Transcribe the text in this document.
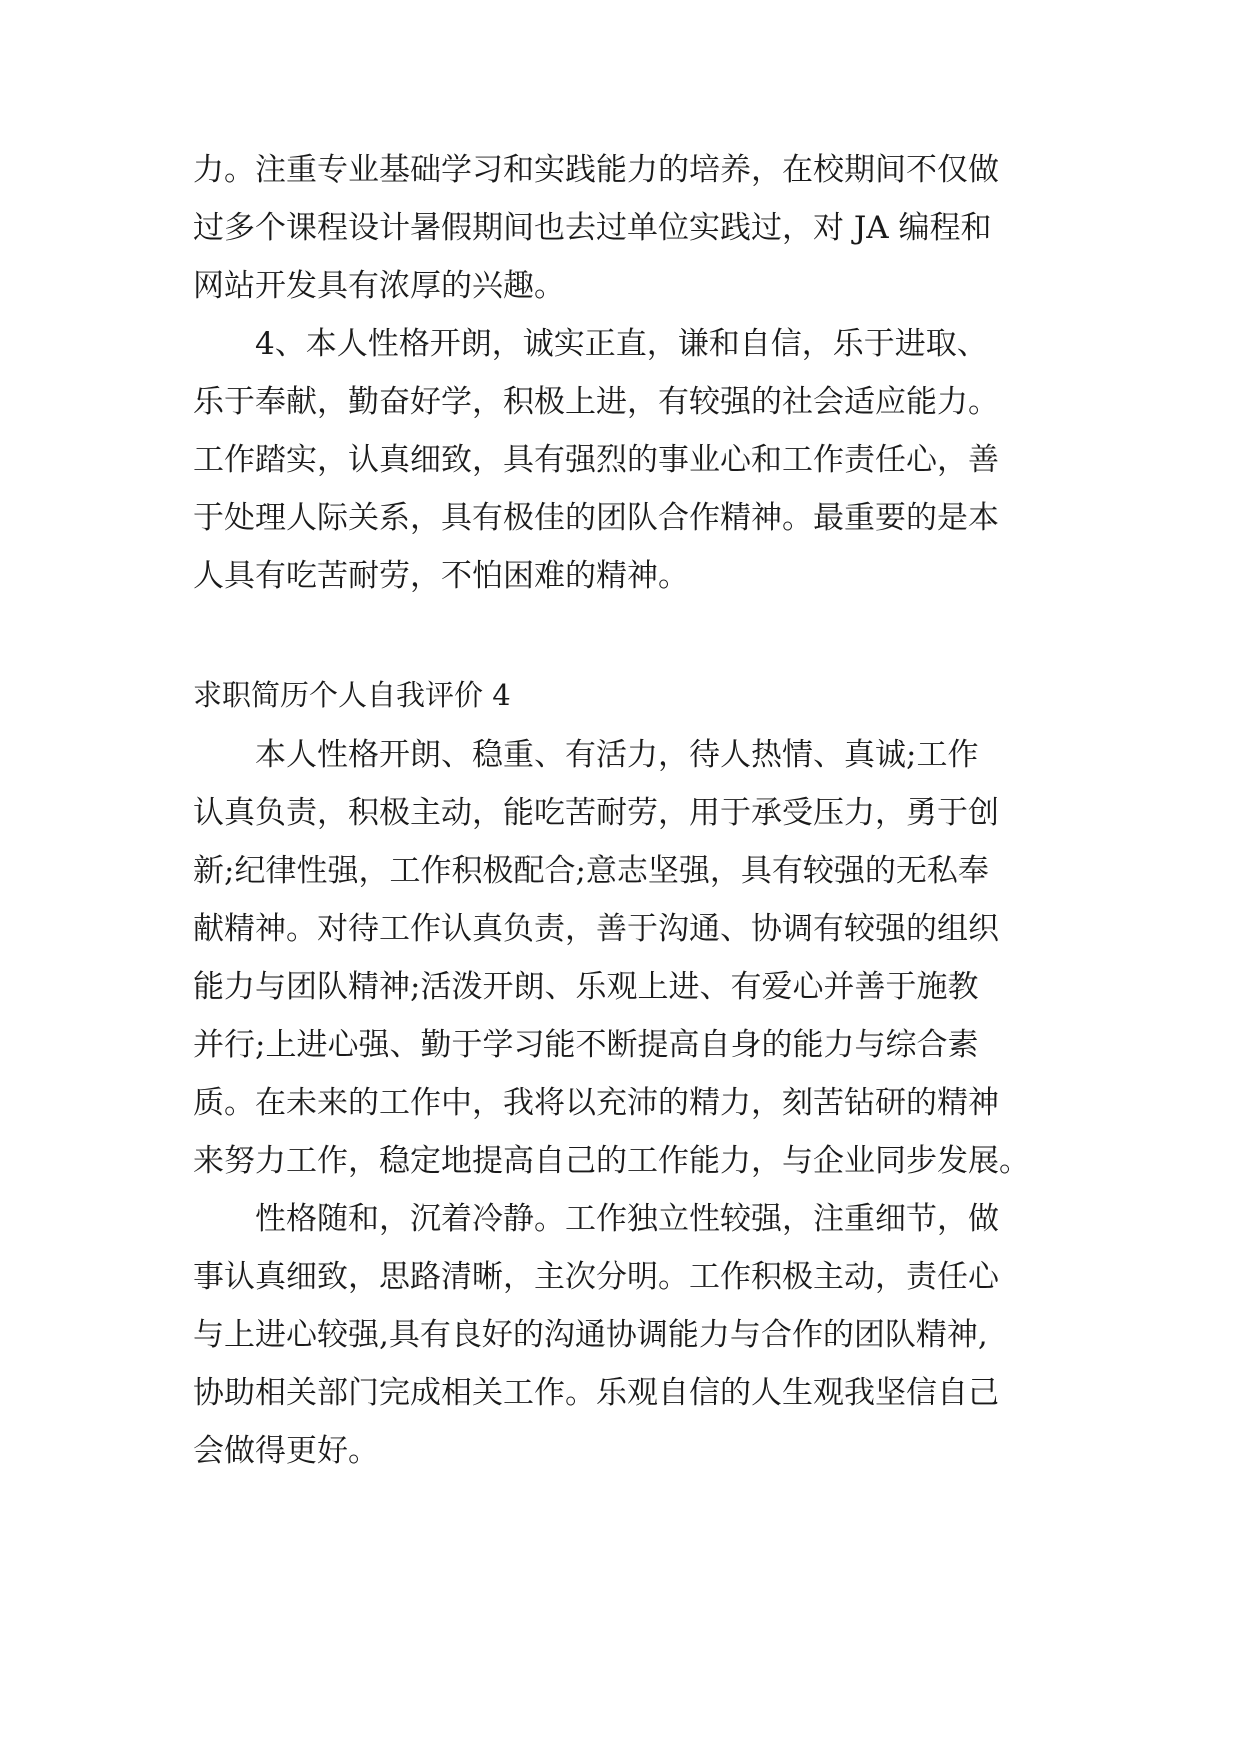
力。注重专业基础学习和实践能力的培养，在校期间不仅做

过多个课程设计暑假期间也去过单位实践过，对 JA 编程和

网站开发具有浓厚的兴趣。

4、本人性格开朗，诚实正直，谦和自信，乐于进取、

乐于奉献，勤奋好学，积极上进，有较强的社会适应能力。

工作踏实，认真细致，具有强烈的事业心和工作责任心，善

于处理人际关系，具有极佳的团队合作精神。最重要的是本

人具有吃苦耐劳，不怕困难的精神。

求职简历个人自我评价 4

本人性格开朗、稳重、有活力，待人热情、真诚;工作

认真负责，积极主动，能吃苦耐劳，用于承受压力，勇于创

新;纪律性强，工作积极配合;意志坚强，具有较强的无私奉

献精神。对待工作认真负责，善于沟通、协调有较强的组织

能力与团队精神;活泼开朗、乐观上进、有爱心并善于施教

并行;上进心强、勤于学习能不断提高自身的能力与综合素

质。在未来的工作中，我将以充沛的精力，刻苦钻研的精神

来努力工作，稳定地提高自己的工作能力，与企业同步发展。

性格随和，沉着冷静。工作独立性较强，注重细节，做

事认真细致，思路清晰，主次分明。工作积极主动，责任心

与上进心较强,具有良好的沟通协调能力与合作的团队精神,

协助相关部门完成相关工作。乐观自信的人生观我坚信自己

会做得更好。
